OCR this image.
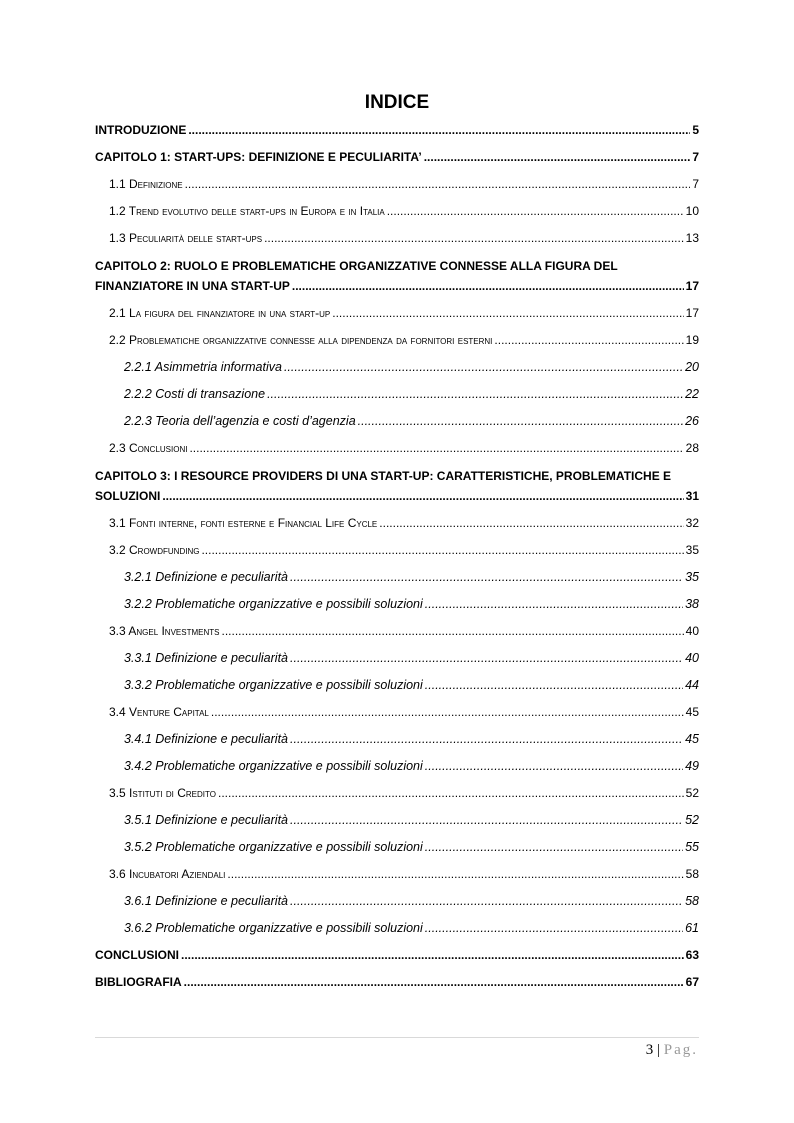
INDICE
INTRODUZIONE .....	5
CAPITOLO 1: START-UPS: DEFINIZIONE E PECULIARITA’ .....	7
1.1 Definizione .....	7
1.2 Trend evolutivo delle start-ups in Europa e in Italia .....	10
1.3 Peculiarità delle start-ups .....	13
CAPITOLO 2: RUOLO E PROBLEMATICHE ORGANIZZATIVE CONNESSE ALLA FIGURA DEL
FINANZIATORE IN UNA START-UP .....	17
2.1 La figura del finanziatore in una start-up .....	17
2.2 Problematiche organizzative connesse alla dipendenza da fornitori esterni .....	19
2.2.1 Asimmetria informativa .....	20
2.2.2 Costi di transazione .....	22
2.2.3 Teoria dell’agenzia e costi d’agenzia .....	26
2.3 Conclusioni .....	28
CAPITOLO 3: I RESOURCE PROVIDERS DI UNA START-UP: CARATTERISTICHE, PROBLEMATICHE E
SOLUZIONI .....	31
3.1 Fonti interne, fonti esterne e Financial Life Cycle .....	32
3.2 Crowdfunding .....	35
3.2.1 Definizione e peculiarità .....	35
3.2.2 Problematiche organizzative e possibili soluzioni .....	38
3.3 Angel Investments .....	40
3.3.1 Definizione e peculiarità .....	40
3.3.2 Problematiche organizzative e possibili soluzioni .....	44
3.4 Venture Capital .....	45
3.4.1 Definizione e peculiarità .....	45
3.4.2 Problematiche organizzative e possibili soluzioni .....	49
3.5 Istituti di Credito .....	52
3.5.1 Definizione e peculiarità .....	52
3.5.2 Problematiche organizzative e possibili soluzioni .....	55
3.6 Incubatori Aziendali .....	58
3.6.1 Definizione e peculiarità .....	58
3.6.2 Problematiche organizzative e possibili soluzioni .....	61
CONCLUSIONI .....	63
BIBLIOGRAFIA .....	67
3 | Pag.
